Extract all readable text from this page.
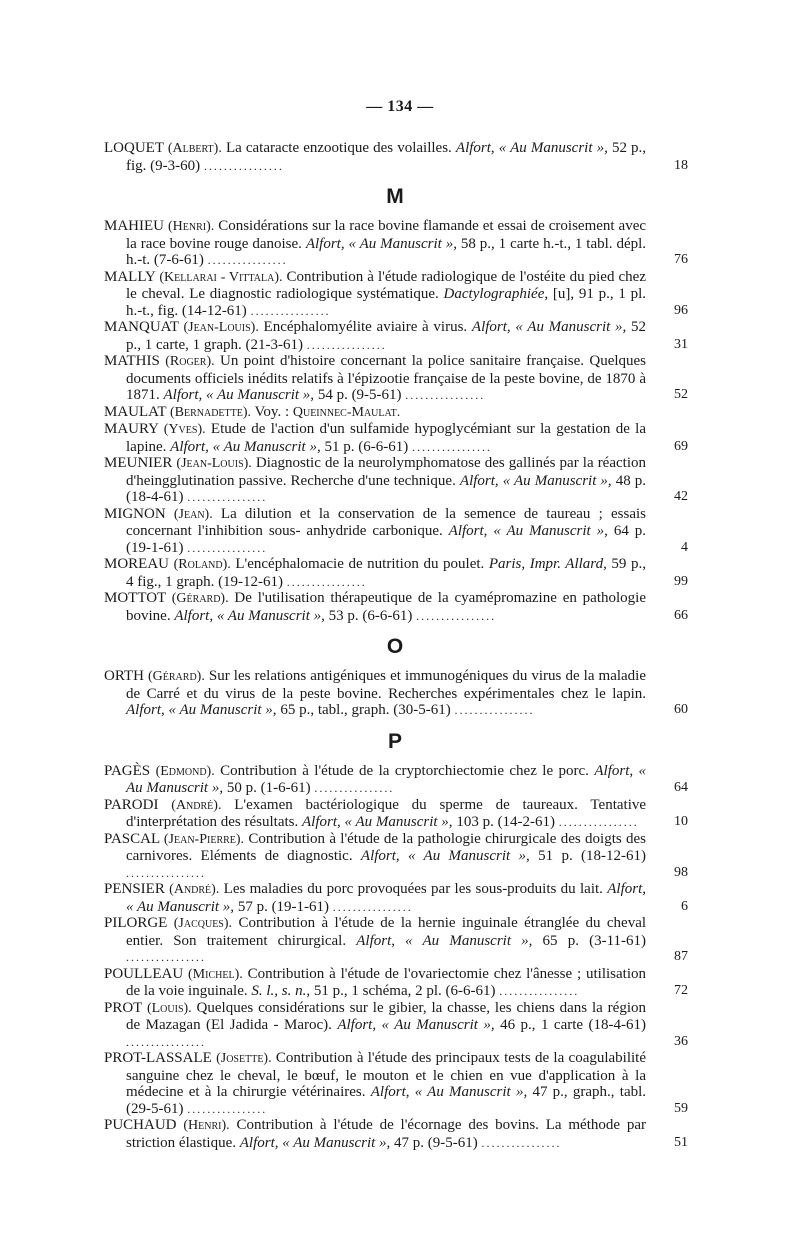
— 134 —
LOQUET (Albert). La cataracte enzootique des volailles. Alfort, « Au Manuscrit », 52 p., fig. (9-3-60) ................	18
M
MAHIEU (Henri). Considérations sur la race bovine flamande et essai de croisement avec la race bovine rouge danoise. Alfort, « Au Manuscrit », 58 p., 1 carte h.-t., 1 tabl. dépl. h.-t. (7-6-61) ................	76
MALLY (Kellarai - Vittala). Contribution à l'étude radiologique de l'ostéite du pied chez le cheval. Le diagnostic radiologique systématique. Dactylographiée, [u], 91 p., 1 pl. h.-t., fig. (14-12-61) ................	96
MANQUAT (Jean-Louis). Encéphalomyélite aviaire à virus. Alfort, « Au Manuscrit », 52 p., 1 carte, 1 graph. (21-3-61) ................	31
MATHIS (Roger). Un point d'histoire concernant la police sanitaire française. Quelques documents officiels inédits relatifs à l'épizootie française de la peste bovine, de 1870 à 1871. Alfort, « Au Manuscrit », 54 p. (9-5-61) ................	52
MAULAT (Bernadette). Voy. : Queinnec-Maulat.
MAURY (Yves). Etude de l'action d'un sulfamide hypoglycémiant sur la gestation de la lapine. Alfort, « Au Manuscrit », 51 p. (6-6-61) ................	69
MEUNIER (Jean-Louis). Diagnostic de la neurolymphomatose des gallinés par la réaction d'heingglutination passive. Recherche d'une technique. Alfort, « Au Manuscrit », 48 p. (18-4-61) ................	42
MIGNON (Jean). La dilution et la conservation de la semence de taureau ; essais concernant l'inhibition sous- anhydride carbonique. Alfort, « Au Manuscrit », 64 p. (19-1-61) ................	4
MOREAU (Roland). L'encéphalomacie de nutrition du poulet. Paris, Impr. Allard, 59 p., 4 fig., 1 graph. (19-12-61) ................	99
MOTTOT (Gérard). De l'utilisation thérapeutique de la cyamépromazine en pathologie bovine. Alfort, « Au Manuscrit », 53 p. (6-6-61) ................	66
O
ORTH (Gérard). Sur les relations antigéniques et immunogéniques du virus de la maladie de Carré et du virus de la peste bovine. Recherches expérimentales chez le lapin. Alfort, « Au Manuscrit », 65 p., tabl., graph. (30-5-61) ................	60
P
PAGÈS (Edmond). Contribution à l'étude de la cryptorchiectomie chez le porc. Alfort, « Au Manuscrit », 50 p. (1-6-61) ................	64
PARODI (André). L'examen bactériologique du sperme de taureaux. Tentative d'interprétation des résultats. Alfort, « Au Manuscrit », 103 p. (14-2-61) ................	10
PASCAL (Jean-Pierre). Contribution à l'étude de la pathologie chirurgicale des doigts des carnivores. Eléments de diagnostic. Alfort, « Au Manuscrit », 51 p. (18-12-61) ................	98
PENSIER (André). Les maladies du porc provoquées par les sous-produits du lait. Alfort, « Au Manuscrit », 57 p. (19-1-61) ................	6
PILORGE (Jacques). Contribution à l'étude de la hernie inguinale étranglée du cheval entier. Son traitement chirurgical. Alfort, « Au Manuscrit », 65 p. (3-11-61) ................	87
POULLEAU (Michel). Contribution à l'étude de l'ovariectomie chez l'ânesse ; utilisation de la voie inguinale. S. l., s. n., 51 p., 1 schéma, 2 pl. (6-6-61) ................	72
PROT (Louis). Quelques considérations sur le gibier, la chasse, les chiens dans la région de Mazagan (El Jadida - Maroc). Alfort, « Au Manuscrit », 46 p., 1 carte (18-4-61) ................	36
PROT-LASSALE (Josette). Contribution à l'étude des principaux tests de la coagulabilité sanguine chez le cheval, le bœuf, le mouton et le chien en vue d'application à la médecine et à la chirurgie vétérinaires. Alfort, « Au Manuscrit », 47 p., graph., tabl. (29-5-61) ................	59
PUCHAUD (Henri). Contribution à l'étude de l'écornage des bovins. La méthode par striction élastique. Alfort, « Au Manuscrit », 47 p. (9-5-61) ................	51
